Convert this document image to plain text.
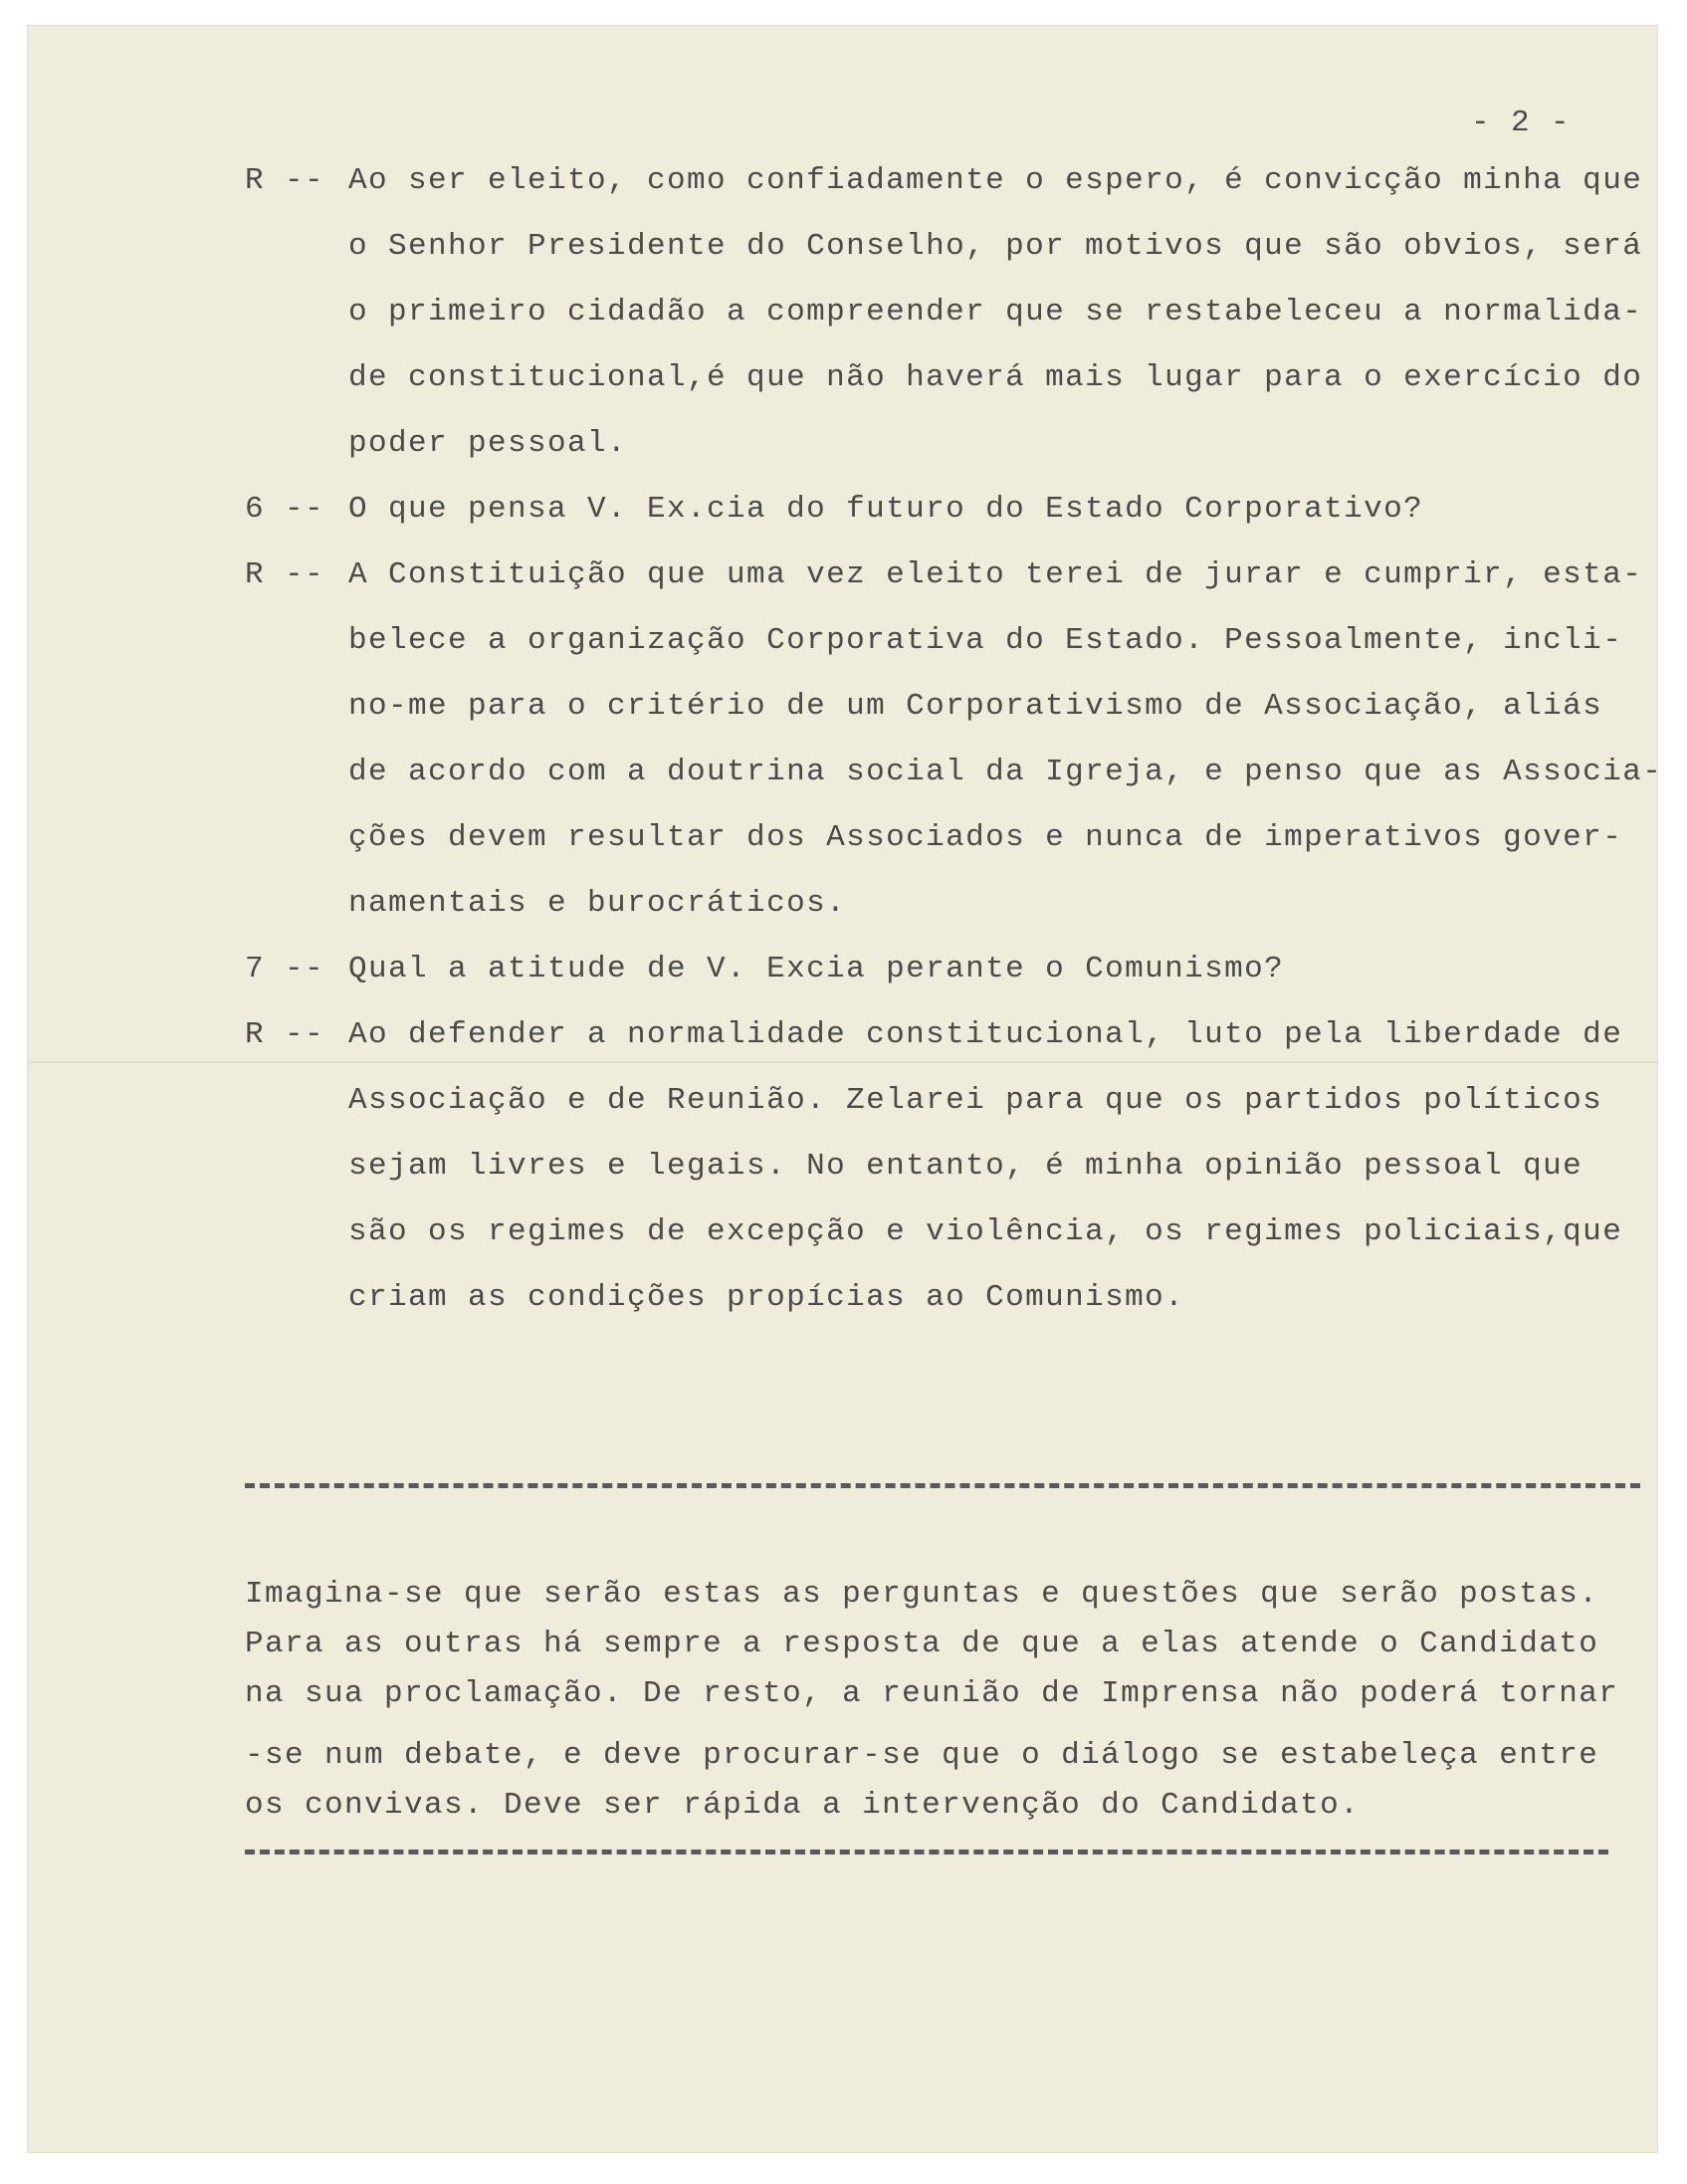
- 2 -

R -- Ao ser eleito, como confiadamente o espero, é convicção minha que

o Senhor Presidente do Conselho, por motivos que são obvios, será

o primeiro cidadão a compreender que se restabeleceu a normalida-

de constitucional,é que não haverá mais lugar para o exercício do

poder pessoal.

6 -- O que pensa V. Ex.cia do futuro do Estado Corporativo?

R -- A Constituição que uma vez eleito terei de jurar e cumprir, esta-

belece a organização Corporativa do Estado. Pessoalmente, incli-

no-me para o critério de um Corporativismo de Associação, aliás

de acordo com a doutrina social da Igreja, e penso que as Associa-

ções devem resultar dos Associados e nunca de imperativos gover-

namentais e burocráticos.

7 -- Qual a atitude de V. Excia perante o Comunismo?

R -- Ao defender a normalidade constitucional, luto pela liberdade de

Associação e de Reunião. Zelarei para que os partidos políticos

sejam livres e legais. No entanto, é minha opinião pessoal que

são os regimes de excepção e violência, os regimes policiais,que

criam as condições propícias ao Comunismo.

Imagina-se que serão estas as perguntas e questões que serão postas.

Para as outras há sempre a resposta de que a elas atende o Candidato

na sua proclamação. De resto, a reunião de Imprensa não poderá tornar

-se num debate, e deve procurar-se que o diálogo se estabeleça entre

os convivas. Deve ser rápida a intervenção do Candidato.
